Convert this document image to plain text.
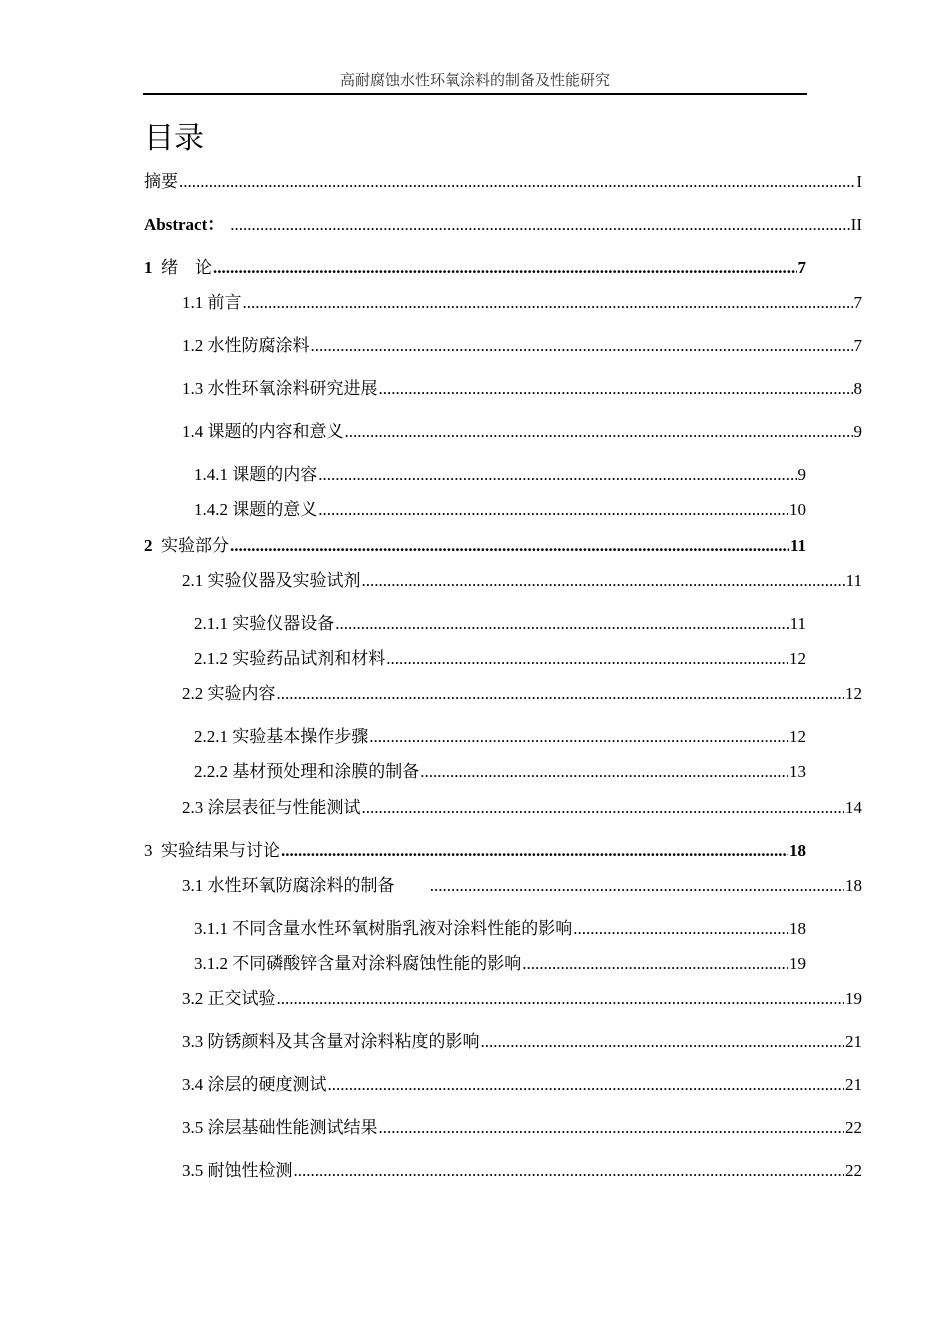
高耐腐蚀水性环氧涂料的制备及性能研究
目录
摘要 .....	I
Abstract： .....	II
1 绪　论 .....	7
1.1 前言 .....	7
1.2 水性防腐涂料 .....	7
1.3 水性环氧涂料研究进展 .....	8
1.4 课题的内容和意义 .....	9
1.4.1 课题的内容 .....	9
1.4.2 课题的意义 .....	10
2 实验部分 .....	11
2.1 实验仪器及实验试剂 .....	11
2.1.1 实验仪器设备 .....	11
2.1.2 实验药品试剂和材料 .....	12
2.2 实验内容 .....	12
2.2.1 实验基本操作步骤 .....	12
2.2.2 基材预处理和涂膜的制备 .....	13
2.3 涂层表征与性能测试 .....	14
3 实验结果与讨论 .....	18
3.1 水性环氧防腐涂料的制备　 .....	18
3.1.1 不同含量水性环氧树脂乳液对涂料性能的影响 .....	18
3.1.2 不同磷酸锌含量对涂料腐蚀性能的影响 .....	19
3.2 正交试验 .....	19
3.3 防锈颜料及其含量对涂料粘度的影响 .....	21
3.4 涂层的硬度测试 .....	21
3.5 涂层基础性能测试结果 .....	22
3.5 耐蚀性检测 .....	22
